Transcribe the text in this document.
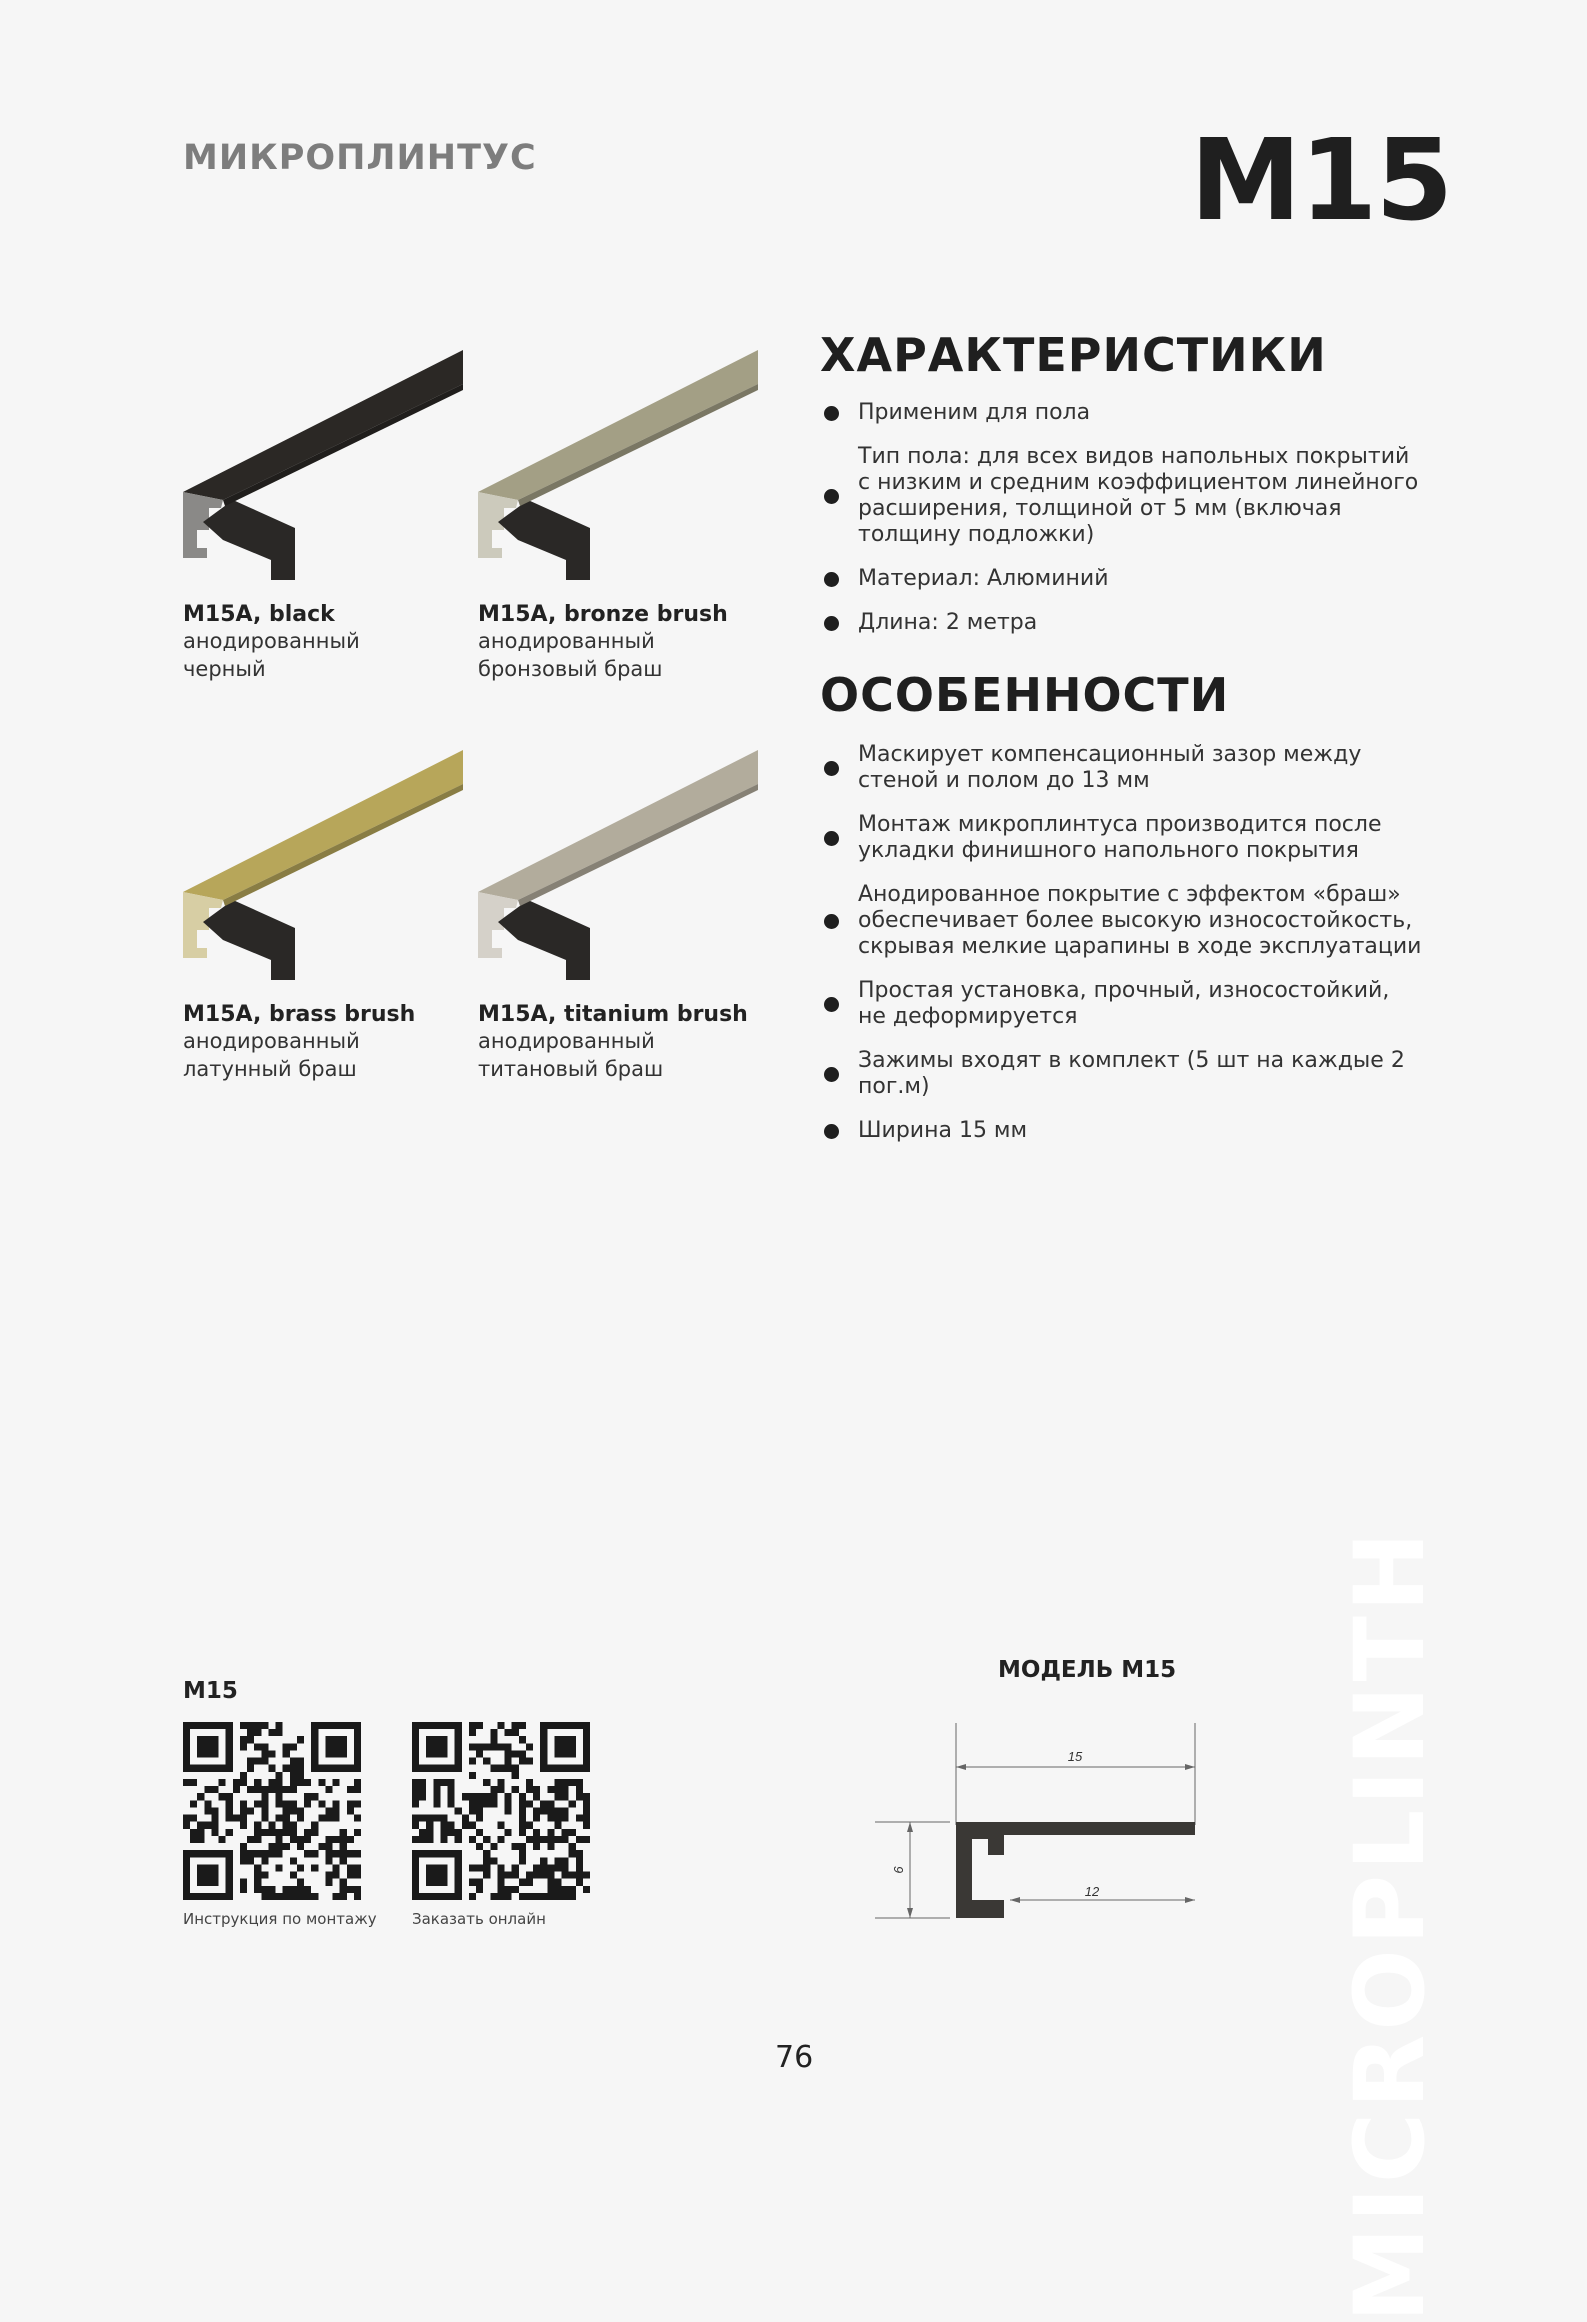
МИКРОПЛИНТУС	M15
M15A, black
анодированный
черный
M15A, bronze brush
анодированный
бронзовый браш
M15A, brass brush
анодированный
латунный браш
M15A, titanium brush
анодированный
титановый браш
ХАРАКТЕРИСТИКИ
Применим для пола
Тип пола: для всех видов напольных покрытий с низким и средним коэффициентом линейного расширения, толщиной от 5 мм (включая толщину подложки)
Материал: Алюминий
Длина: 2 метра
ОСОБЕННОСТИ
Маскирует компенсационный зазор между стеной и полом до 13 мм
Монтаж микроплинтуса производится после укладки финишного напольного покрытия
Анодированное покрытие с эффектом «браш» обеспечивает более высокую износостойкость, скрывая мелкие царапины в ходе эксплуатации
Простая установка, прочный, износостойкий, не деформируется
Зажимы входят в комплект (5 шт на каждые 2 пог.м)
Ширина 15 мм
M15
Инструкция по монтажу Заказать онлайн
МОДЕЛЬ M15
15
12
6	MICROPLINTH
76
